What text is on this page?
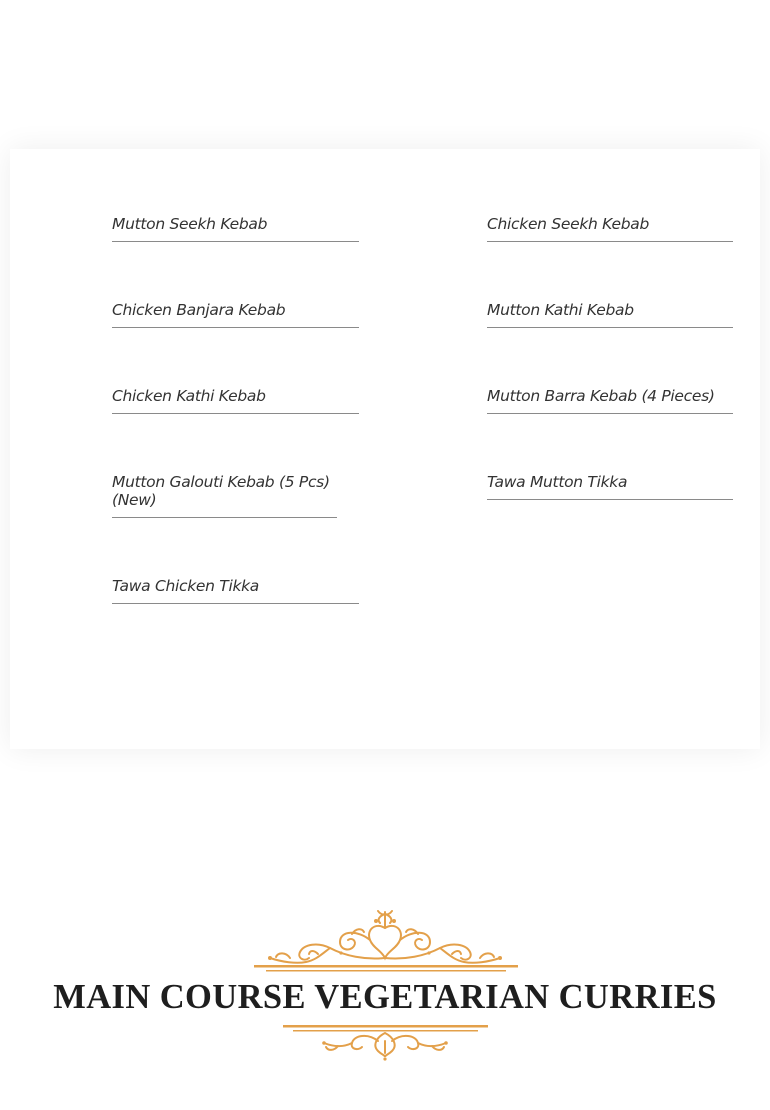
Mutton Seekh Kebab
Chicken Banjara Kebab
Chicken Kathi Kebab
Mutton Galouti Kebab (5 Pcs) (New)
Tawa Chicken Tikka
Chicken Seekh Kebab
Mutton Kathi Kebab
Mutton Barra Kebab (4 Pieces)
Tawa Mutton Tikka
MAIN COURSE VEGETARIAN CURRIES
